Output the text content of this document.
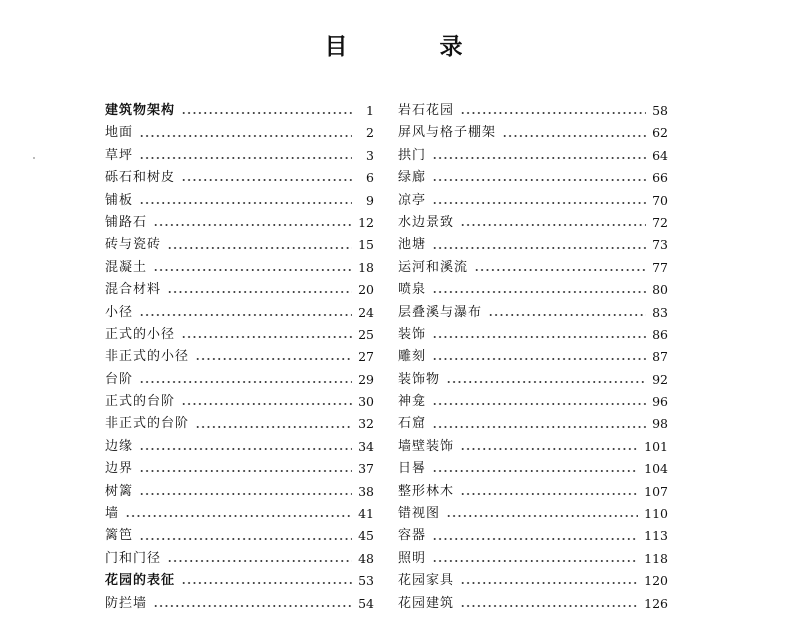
目 录
建筑物架构	1
地面	2
草坪	3
砾石和树皮	6
铺板	9
铺路石	12
砖与瓷砖	15
混凝土	18
混合材料	20
小径	24
正式的小径	25
非正式的小径	27
台阶	29
正式的台阶	30
非正式的台阶	32
边缘	34
边界	37
树篱	38
墙	41
篱笆	45
门和门径	48
花园的表征	53
防拦墙	54
岩石花园	58
屏风与格子棚架	62
拱门	64
绿廊	66
凉亭	70
水边景致	72
池塘	73
运河和溪流	77
喷泉	80
层叠溪与瀑布	83
装饰	86
雕刻	87
装饰物	92
神龛	96
石窟	98
墙壁装饰	101
日晷	104
整形林木	107
错视图	110
容器	113
照明	118
花园家具	120
花园建筑	126
